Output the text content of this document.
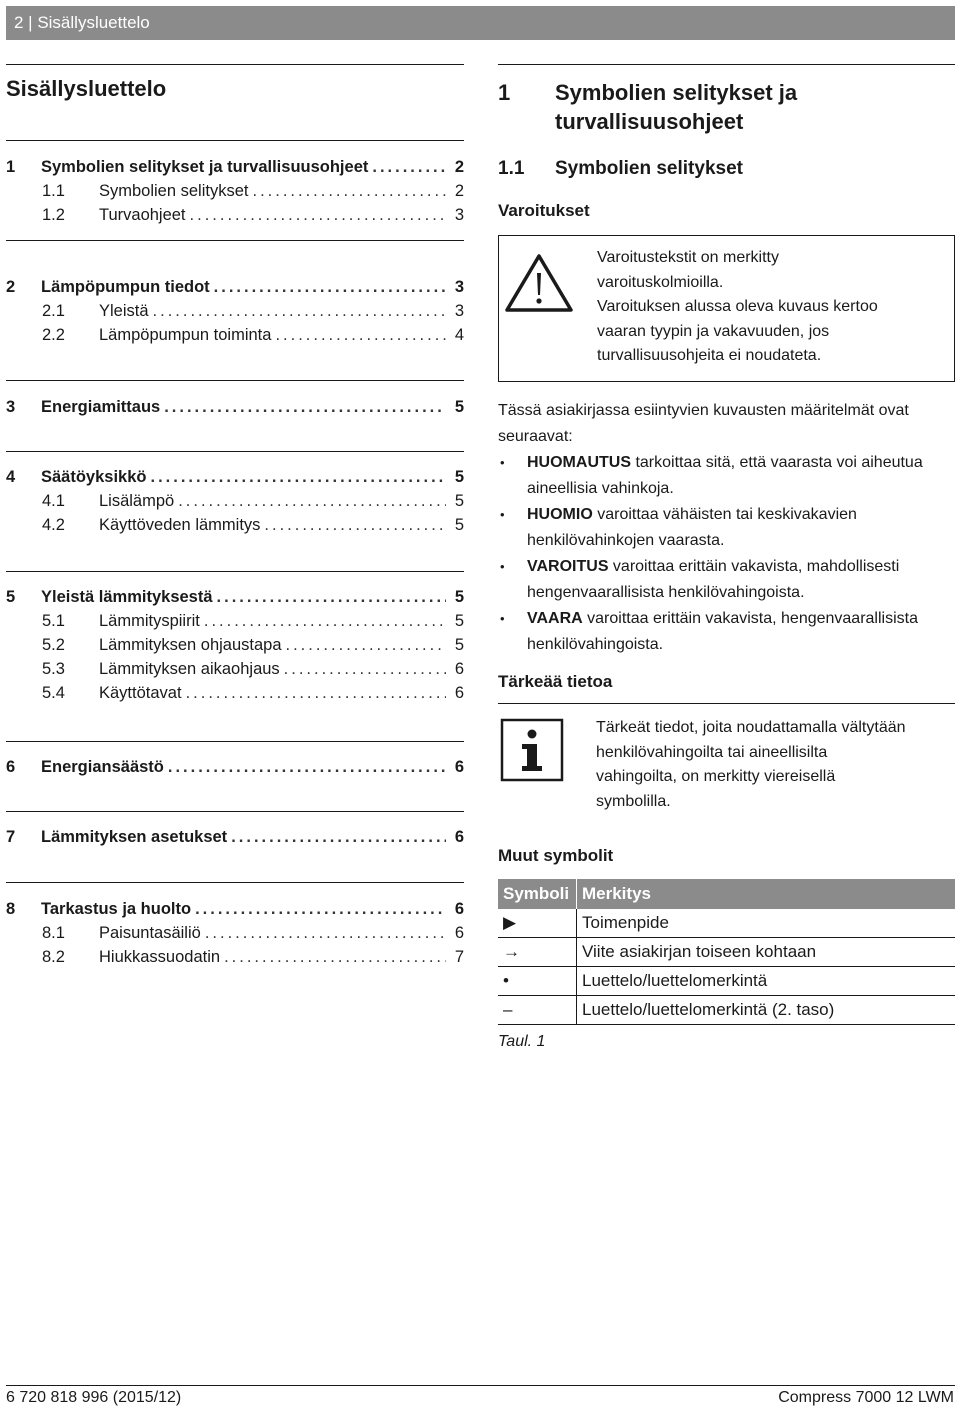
2 | Sisällysluettelo
Sisällysluettelo
1	Symbolien selitykset ja turvallisuusohjeet .....	2
1.1	Symbolien selitykset .....	2
1.2	Turvaohjeet .....	3
2	Lämpöpumpun tiedot .....	3
2.1	Yleistä .....	3
2.2	Lämpöpumpun toiminta .....	4
3	Energiamittaus .....	5
4	Säätöyksikkö .....	5
4.1	Lisälämpö .....	5
4.2	Käyttöveden lämmitys .....	5
5	Yleistä lämmityksestä .....	5
5.1	Lämmityspiirit .....	5
5.2	Lämmityksen ohjaustapa .....	5
5.3	Lämmityksen aikaohjaus .....	6
5.4	Käyttötavat .....	6
6	Energiansäästö .....	6
7	Lämmityksen asetukset .....	6
8	Tarkastus ja huolto .....	6
8.1	Paisuntasäiliö .....	6
8.2	Hiukkassuodatin .....	7
1 Symbolien selitykset ja
turvallisuusohjeet
1.1 Symbolien selitykset
Varoitukset
Varoitustekstit on merkitty
varoituskolmioilla.
Varoituksen alussa oleva kuvaus kertoo
vaaran tyypin ja vakavuuden, jos
turvallisuusohjeita ei noudateta.
Tässä asiakirjassa esiintyvien kuvausten määritelmät ovat
seuraavat:
• HUOMAUTUS tarkoittaa sitä, että vaarasta voi aiheutua
aineellisia vahinkoja.
• HUOMIO varoittaa vähäisten tai keskivakavien
henkilövahinkojen vaarasta.
• VAROITUS varoittaa erittäin vakavista, mahdollisesti
hengenvaarallisista henkilövahingoista.
• VAARA varoittaa erittäin vakavista, hengenvaarallisista
henkilövahingoista.
Tärkeää tietoa
Tärkeät tiedot, joita noudattamalla vältytään
henkilövahingoilta tai aineellisilta
vahingoilta, on merkitty viereisellä
symbolilla.
Muut symbolit
Symboli	Merkitys
▶	Toimenpide
→	Viite asiakirjan toiseen kohtaan
•	Luettelo/luettelomerkintä
–	Luettelo/luettelomerkintä (2. taso)
Taul. 1
6 720 818 996 (2015/12)	Compress 7000 12 LWM
